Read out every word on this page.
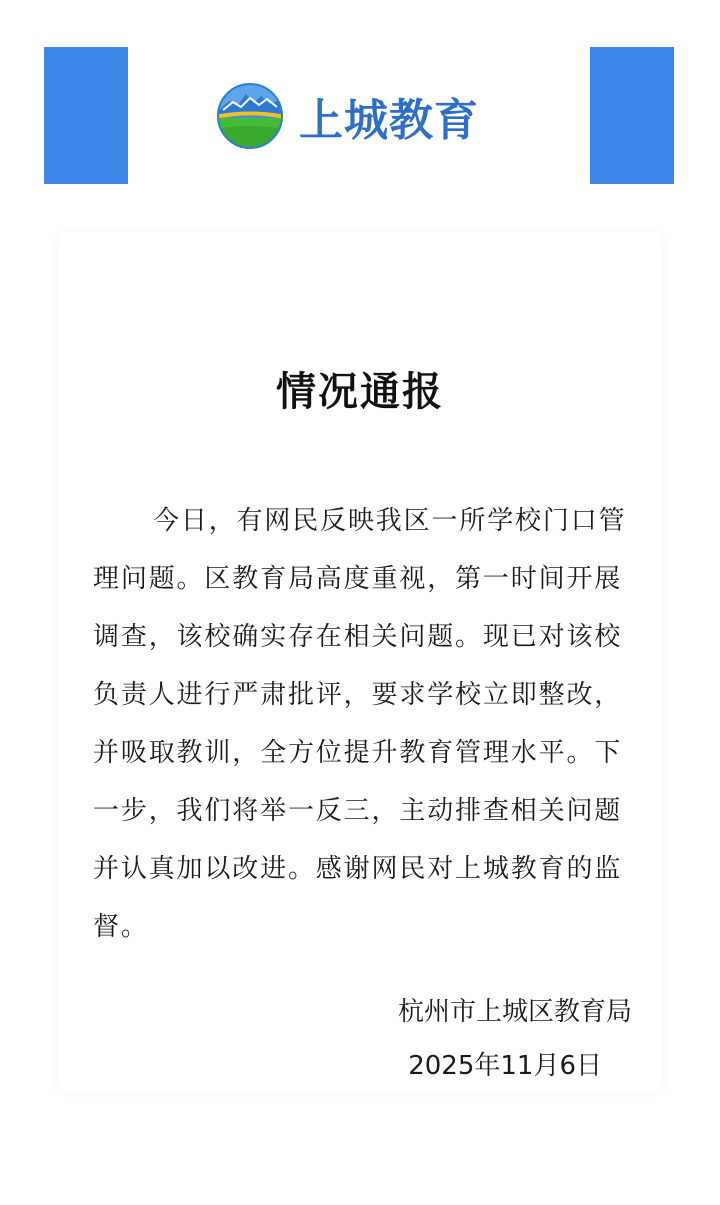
上城教育
情况通报

今日，有网民反映我区一所学校门口管理问题。区教育局高度重视，第一时间开展调查，该校确实存在相关问题。现已对该校负责人进行严肃批评，要求学校立即整改，并吸取教训，全方位提升教育管理水平。下一步，我们将举一反三，主动排查相关问题并认真加以改进。感谢网民对上城教育的监督。

杭州市上城区教育局
2025年11月6日
